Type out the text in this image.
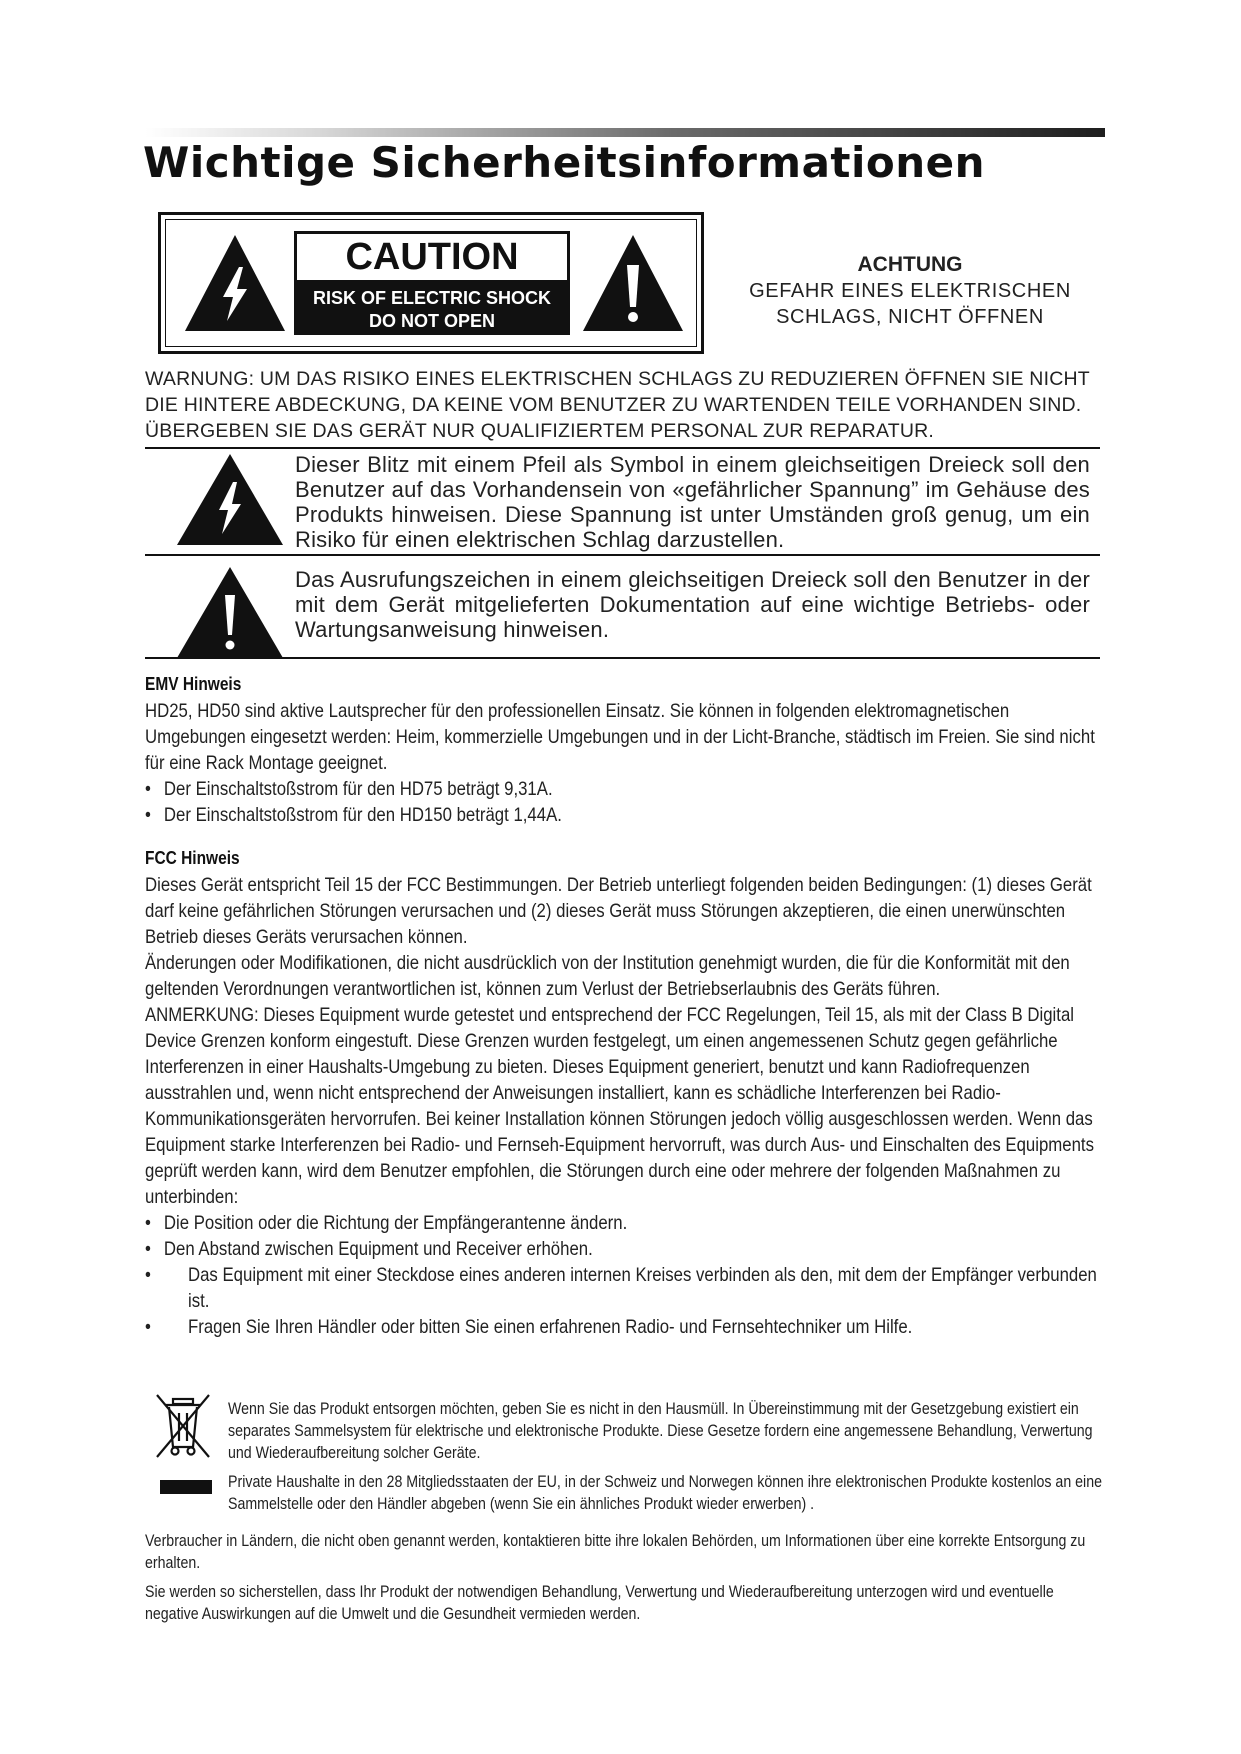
Wichtige Sicherheitsinformationen
CAUTION
RISK OF ELECTRIC SHOCK
DO NOT OPEN
ACHTUNG
GEFAHR EINES ELEKTRISCHEN
SCHLAGS, NICHT ÖFFNEN
WARNUNG: UM DAS RISIKO EINES ELEKTRISCHEN SCHLAGS ZU REDUZIEREN ÖFFNEN SIE NICHT
DIE HINTERE ABDECKUNG, DA KEINE VOM BENUTZER ZU WARTENDEN TEILE VORHANDEN SIND.
ÜBERGEBEN SIE DAS GERÄT NUR QUALIFIZIERTEM PERSONAL ZUR REPARATUR.
Dieser Blitz mit einem Pfeil als Symbol in einem gleichseitigen Dreieck soll den Benutzer auf das Vorhandensein von «gefährlicher Spannung” im Gehäuse des Produkts hinweisen. Diese Spannung ist unter Umständen groß genug, um ein Risiko für einen elektrischen Schlag darzustellen.
Das Ausrufungszeichen in einem gleichseitigen Dreieck soll den Benutzer in der mit dem Gerät mitgelieferten Dokumentation auf eine wichtige Betriebs- oder Wartungsanweisung hinweisen.
EMV Hinweis

HD25, HD50 sind aktive Lautsprecher für den professionellen Einsatz. Sie können in folgenden elektromagnetischen Umgebungen eingesetzt werden: Heim, kommerzielle Umgebungen und in der Licht-Branche, städtisch im Freien. Sie sind nicht für eine Rack Montage geeignet.

• Der Einschaltstoßstrom für den HD75 beträgt 9,31A.
• Der Einschaltstoßstrom für den HD150 beträgt 1,44A.
FCC Hinweis

Dieses Gerät entspricht Teil 15 der FCC Bestimmungen. Der Betrieb unterliegt folgenden beiden Bedingungen: (1) dieses Gerät darf keine gefährlichen Störungen verursachen und (2) dieses Gerät muss Störungen akzeptieren, die einen unerwünschten Betrieb dieses Geräts verursachen können.

Änderungen oder Modifikationen, die nicht ausdrücklich von der Institution genehmigt wurden, die für die Konformität mit den geltenden Verordnungen verantwortlichen ist, können zum Verlust der Betriebserlaubnis des Geräts führen.

ANMERKUNG: Dieses Equipment wurde getestet und entsprechend der FCC Regelungen, Teil 15, als mit der Class B Digital Device Grenzen konform eingestuft. Diese Grenzen wurden festgelegt, um einen angemessenen Schutz gegen gefährliche Interferenzen in einer Haushalts-Umgebung zu bieten. Dieses Equipment generiert, benutzt und kann Radiofrequenzen ausstrahlen und, wenn nicht entsprechend der Anweisungen installiert, kann es schädliche Interferenzen bei Radio-Kommunikationsgeräten hervorrufen. Bei keiner Installation können Störungen jedoch völlig ausgeschlossen werden. Wenn das Equipment starke Interferenzen bei Radio- und Fernseh-Equipment hervorruft, was durch Aus- und Einschalten des Equipments geprüft werden kann, wird dem Benutzer empfohlen, die Störungen durch eine oder mehrere der folgenden Maßnahmen zu unterbinden:

• Die Position oder die Richtung der Empfängerantenne ändern.
• Den Abstand zwischen Equipment und Receiver erhöhen.
•	Das Equipment mit einer Steckdose eines anderen internen Kreises verbinden als den, mit dem der Empfänger verbunden ist.
•	Fragen Sie Ihren Händler oder bitten Sie einen erfahrenen Radio- und Fernsehtechniker um Hilfe.

Wenn Sie das Produkt entsorgen möchten, geben Sie es nicht in den Hausmüll. In Übereinstimmung mit der Gesetzgebung existiert ein separates Sammelsystem für elektrische und elektronische Produkte. Diese Gesetze fordern eine angemessene Behandlung, Verwertung und Wiederaufbereitung solcher Geräte.

Private Haushalte in den 28 Mitgliedsstaaten der EU, in der Schweiz und Norwegen können ihre elektronischen Produkte kostenlos an eine Sammelstelle oder den Händler abgeben (wenn Sie ein ähnliches Produkt wieder erwerben) .

Verbraucher in Ländern, die nicht oben genannt werden, kontaktieren bitte ihre lokalen Behörden, um Informationen über eine korrekte Entsorgung zu erhalten.

Sie werden so sicherstellen, dass Ihr Produkt der notwendigen Behandlung, Verwertung und Wiederaufbereitung unterzogen wird und eventuelle negative Auswirkungen auf die Umwelt und die Gesundheit vermieden werden.
